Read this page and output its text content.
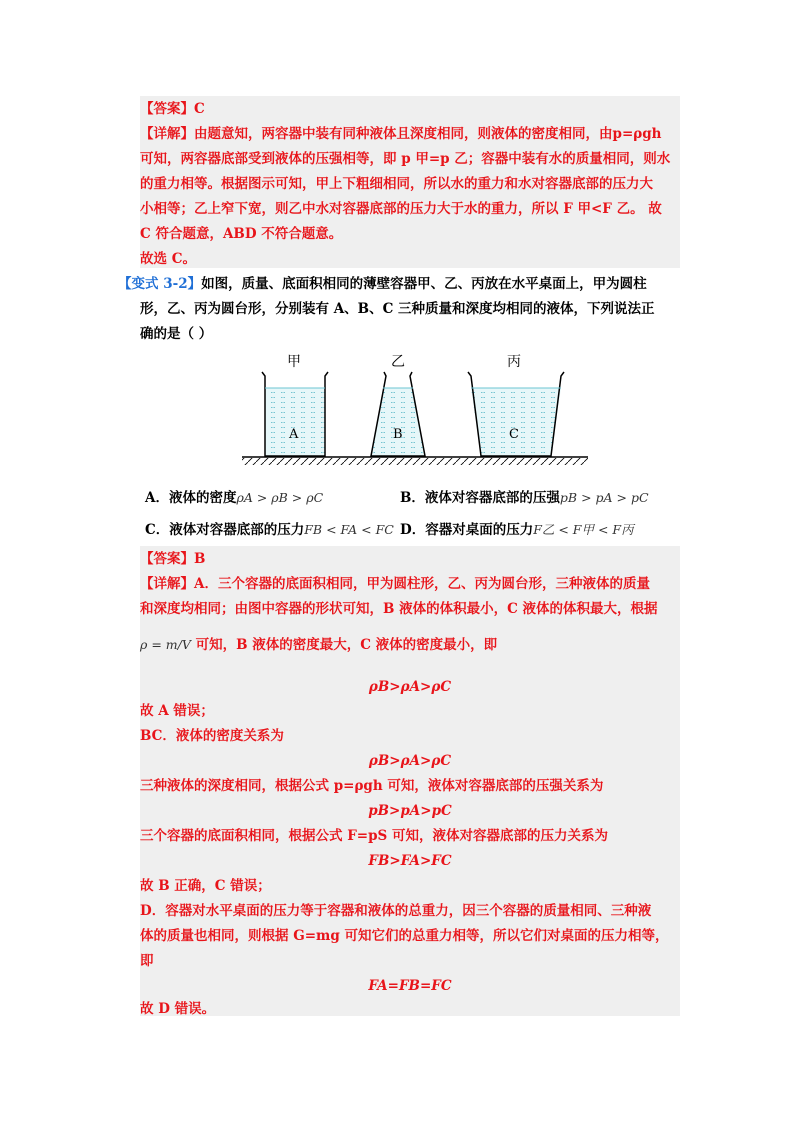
【答案】C
【详解】由题意知，两容器中装有同种液体且深度相同，则液体的密度相同，由p=ρgh
可知，两容器底部受到液体的压强相等，即 p 甲=p 乙；容器中装有水的质量相同，则水
的重力相等。根据图示可知，甲上下粗细相同，所以水的重力和水对容器底部的压力大
小相等；乙上窄下宽，则乙中水对容器底部的压力大于水的重力，所以 F 甲<F 乙。 故
C 符合题意，ABD 不符合题意。
故选 C。
【变式 3-2】如图，质量、底面积相同的薄壁容器甲、乙、丙放在水平桌面上，甲为圆柱
形，乙、丙为圆台形，分别装有 A、B、C 三种质量和深度均相同的液体，下列说法正
确的是（ ）
甲
A
乙
B
丙
C
A．液体的密度ρA > ρB > ρC	B．液体对容器底部的压强pB > pA > pC
C．液体对容器底部的压力FB < FA < FC D．容器对桌面的压力F乙 < F甲 < F丙
【答案】B
【详解】A．三个容器的底面积相同，甲为圆柱形，乙、丙为圆台形，三种液体的质量
和深度均相同；由图中容器的形状可知，B 液体的体积最小，C 液体的体积最大，根据
ρ = m/V 可知，B 液体的密度最大，C 液体的密度最小，即
ρB>ρA>ρC
故 A 错误；
BC．液体的密度关系为
ρB>ρA>ρC
三种液体的深度相同，根据公式 p=ρgh 可知，液体对容器底部的压强关系为
pB>pA>pC
三个容器的底面积相同，根据公式 F=pS 可知，液体对容器底部的压力关系为
FB>FA>FC
故 B 正确，C 错误；
D．容器对水平桌面的压力等于容器和液体的总重力，因三个容器的质量相同、三种液
体的质量也相同，则根据 G=mg 可知它们的总重力相等，所以它们对桌面的压力相等，
即
FA=FB=FC
故 D 错误。
